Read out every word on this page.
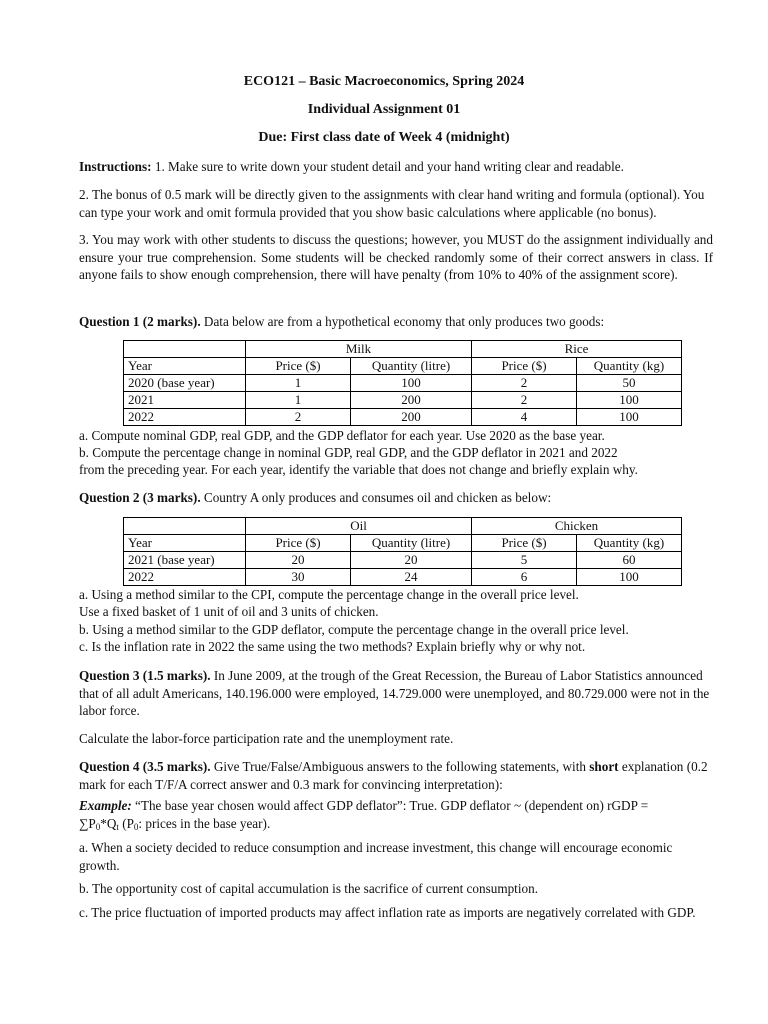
ECO121 – Basic Macroeconomics, Spring 2024
Individual Assignment 01
Due: First class date of Week 4 (midnight)
Instructions: 1. Make sure to write down your student detail and your hand writing clear and readable.
2. The bonus of 0.5 mark will be directly given to the assignments with clear hand writing and formula (optional). You can type your work and omit formula provided that you show basic calculations where applicable (no bonus).
3. You may work with other students to discuss the questions; however, you MUST do the assignment individually and ensure your true comprehension. Some students will be checked randomly some of their correct answers in class. If anyone fails to show enough comprehension, there will have penalty (from 10% to 40% of the assignment score).
Question 1 (2 marks). Data below are from a hypothetical economy that only produces two goods:
	Milk		Rice	
Year	Price ($)	Quantity (litre)	Price ($)	Quantity (kg)
2020 (base year)	1	100	2	50
2021	1	200	2	100
2022	2	200	4	100
a. Compute nominal GDP, real GDP, and the GDP deflator for each year. Use 2020 as the base year.
b. Compute the percentage change in nominal GDP, real GDP, and the GDP deflator in 2021 and 2022
from the preceding year. For each year, identify the variable that does not change and briefly explain why.
Question 2 (3 marks). Country A only produces and consumes oil and chicken as below:
	Oil		Chicken	
Year	Price ($)	Quantity (litre)	Price ($)	Quantity (kg)
2021 (base year)	20	20	5	60
2022	30	24	6	100
a. Using a method similar to the CPI, compute the percentage change in the overall price level.
Use a fixed basket of 1 unit of oil and 3 units of chicken.
b. Using a method similar to the GDP deflator, compute the percentage change in the overall price level.
c. Is the inflation rate in 2022 the same using the two methods? Explain briefly why or why not.
Question 3 (1.5 marks). In June 2009, at the trough of the Great Recession, the Bureau of Labor Statistics announced that of all adult Americans, 140.196.000 were employed, 14.729.000 were unemployed, and 80.729.000 were not in the labor force.
Calculate the labor-force participation rate and the unemployment rate.
Question 4 (3.5 marks). Give True/False/Ambiguous answers to the following statements, with short explanation (0.2 mark for each T/F/A correct answer and 0.3 mark for convincing interpretation):
Example: “The base year chosen would affect GDP deflator”: True. GDP deflator ~ (dependent on) rGDP =
$\sum P_0*Q_t$ ($P_0$: prices in the base year).
a. When a society decided to reduce consumption and increase investment, this change will encourage economic growth.
b. The opportunity cost of capital accumulation is the sacrifice of current consumption.
c. The price fluctuation of imported products may affect inflation rate as imports are negatively correlated with GDP.
